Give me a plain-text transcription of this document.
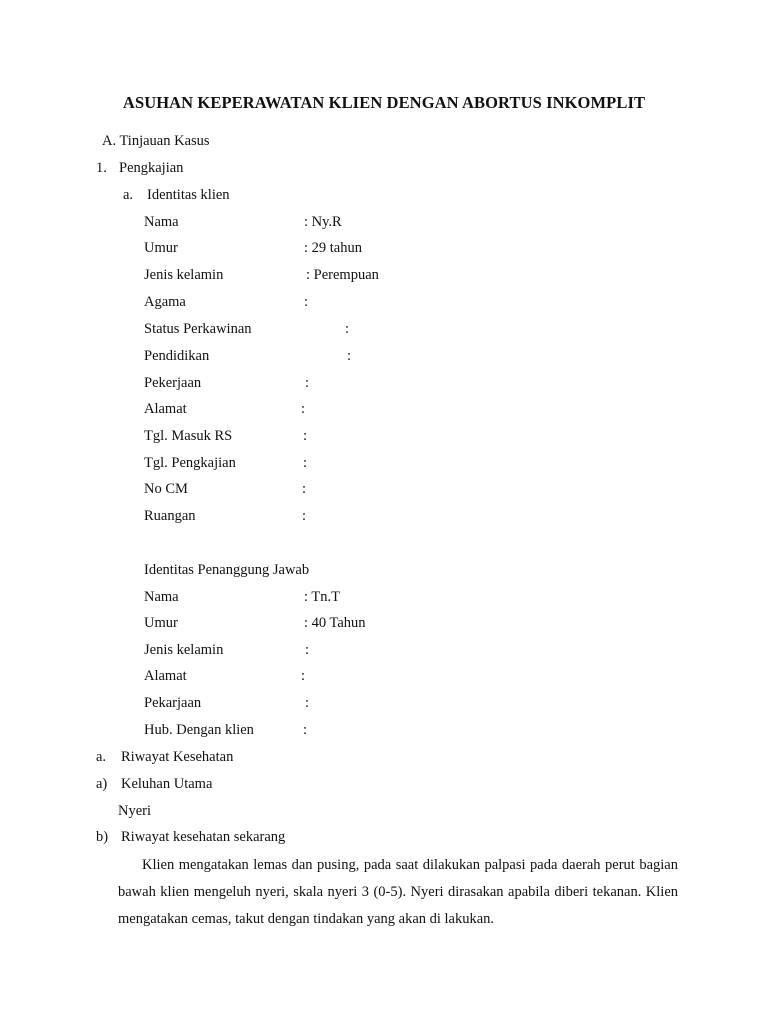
ASUHAN KEPERAWATAN KLIEN DENGAN ABORTUS INKOMPLIT
A. Tinjauan Kasus
1. Pengkajian
a. Identitas klien
Nama	: Ny.R
Umur	: 29 tahun
Jenis kelamin	: Perempuan
Agama	:
Status Perkawinan	:
Pendidikan	:
Pekerjaan	:
Alamat	:
Tgl. Masuk RS	:
Tgl. Pengkajian	:
No CM	:
Ruangan	:
Identitas Penanggung Jawab
Nama	: Tn.T
Umur	: 40 Tahun
Jenis kelamin	:
Alamat	:
Pekarjaan	:
Hub. Dengan klien	:
a. Riwayat Kesehatan
a) Keluhan Utama
Nyeri
b) Riwayat kesehatan sekarang
Klien mengatakan lemas dan pusing, pada saat dilakukan palpasi pada daerah perut bagian bawah klien mengeluh nyeri, skala nyeri 3 (0-5). Nyeri dirasakan apabila diberi tekanan. Klien mengatakan cemas, takut dengan tindakan yang akan di lakukan.
